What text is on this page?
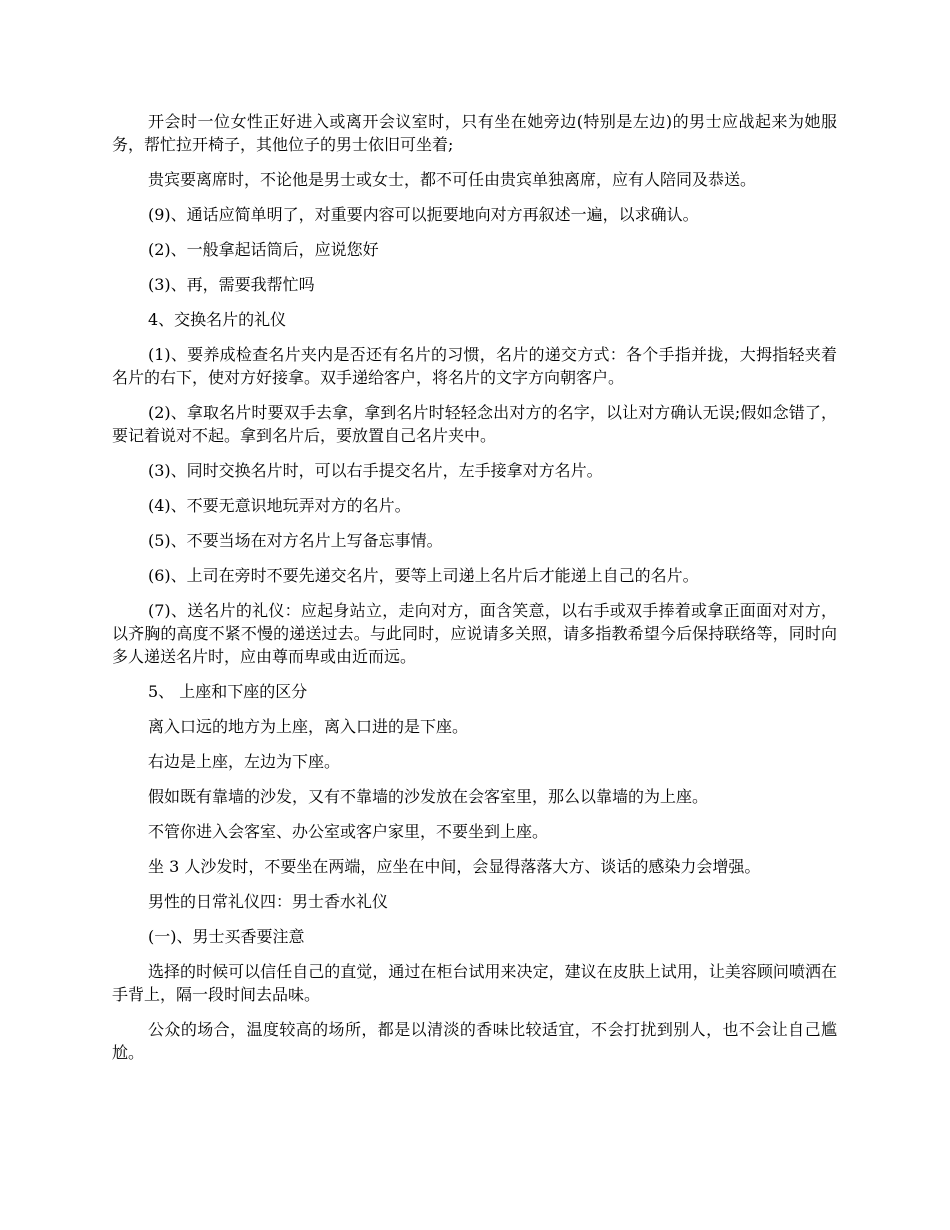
开会时一位女性正好进入或离开会议室时，只有坐在她旁边(特别是左边)的男士应战起来为她服务，帮忙拉开椅子，其他位子的男士依旧可坐着;

贵宾要离席时，不论他是男士或女士，都不可任由贵宾单独离席，应有人陪同及恭送。

(9)、通话应简单明了，对重要内容可以扼要地向对方再叙述一遍，以求确认。

(2)、一般拿起话筒后，应说您好

(3)、再，需要我帮忙吗

4、交换名片的礼仪

(1)、要养成检查名片夹内是否还有名片的习惯，名片的递交方式：各个手指并拢，大拇指轻夹着名片的右下，使对方好接拿。双手递给客户，将名片的文字方向朝客户。

(2)、拿取名片时要双手去拿，拿到名片时轻轻念出对方的名字，以让对方确认无误;假如念错了，要记着说对不起。拿到名片后，要放置自己名片夹中。

(3)、同时交换名片时，可以右手提交名片，左手接拿对方名片。

(4)、不要无意识地玩弄对方的名片。

(5)、不要当场在对方名片上写备忘事情。

(6)、上司在旁时不要先递交名片，要等上司递上名片后才能递上自己的名片。

(7)、送名片的礼仪：应起身站立，走向对方，面含笑意，以右手或双手捧着或拿正面面对对方，以齐胸的高度不紧不慢的递送过去。与此同时，应说请多关照，请多指教希望今后保持联络等，同时向多人递送名片时，应由尊而卑或由近而远。

5、 上座和下座的区分

离入口远的地方为上座，离入口进的是下座。

右边是上座，左边为下座。

假如既有靠墙的沙发，又有不靠墙的沙发放在会客室里，那么以靠墙的为上座。

不管你进入会客室、办公室或客户家里，不要坐到上座。

坐 3 人沙发时，不要坐在两端，应坐在中间，会显得落落大方、谈话的感染力会增强。

男性的日常礼仪四：男士香水礼仪

(一)、男士买香要注意

选择的时候可以信任自己的直觉，通过在柜台试用来决定，建议在皮肤上试用，让美容顾问喷洒在手背上，隔一段时间去品味。

公众的场合，温度较高的场所，都是以清淡的香味比较适宜，不会打扰到别人，也不会让自己尴尬。
